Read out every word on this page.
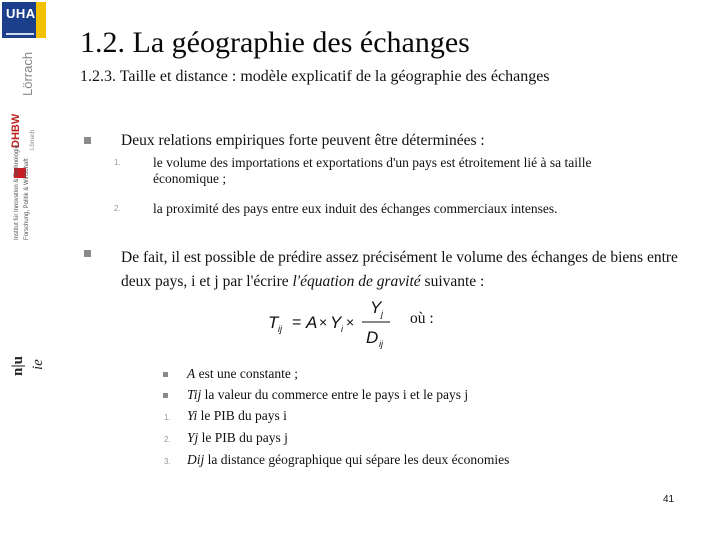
UHA
Lörrach
DHBW Lörrach
Institut für Innovation & Technologie Forschung, Politik & Wirtschaft
n|u ie
1.2. La géographie des échanges
1.2.3. Taille et distance : modèle explicatif de la géographie des échanges
Deux relations empiriques forte peuvent être déterminées :
1. le volume des importations et exportations d'un pays est étroitement lié à sa taille
économique ;
2. la proximité des pays entre eux induit des échanges commerciaux intenses.
De fait, il est possible de prédire assez précisément le volume des échanges de biens entre deux pays, i et j par l'écrire l'équation de gravité suivante :
T ij = A × Y i ×
Y j
D ij
où :
A est une constante ;
Tij la valeur du commerce entre le pays i et le pays j
1. Yi le PIB du pays i
2. Yj le PIB du pays j
3. Dij la distance géographique qui sépare les deux économies
41
